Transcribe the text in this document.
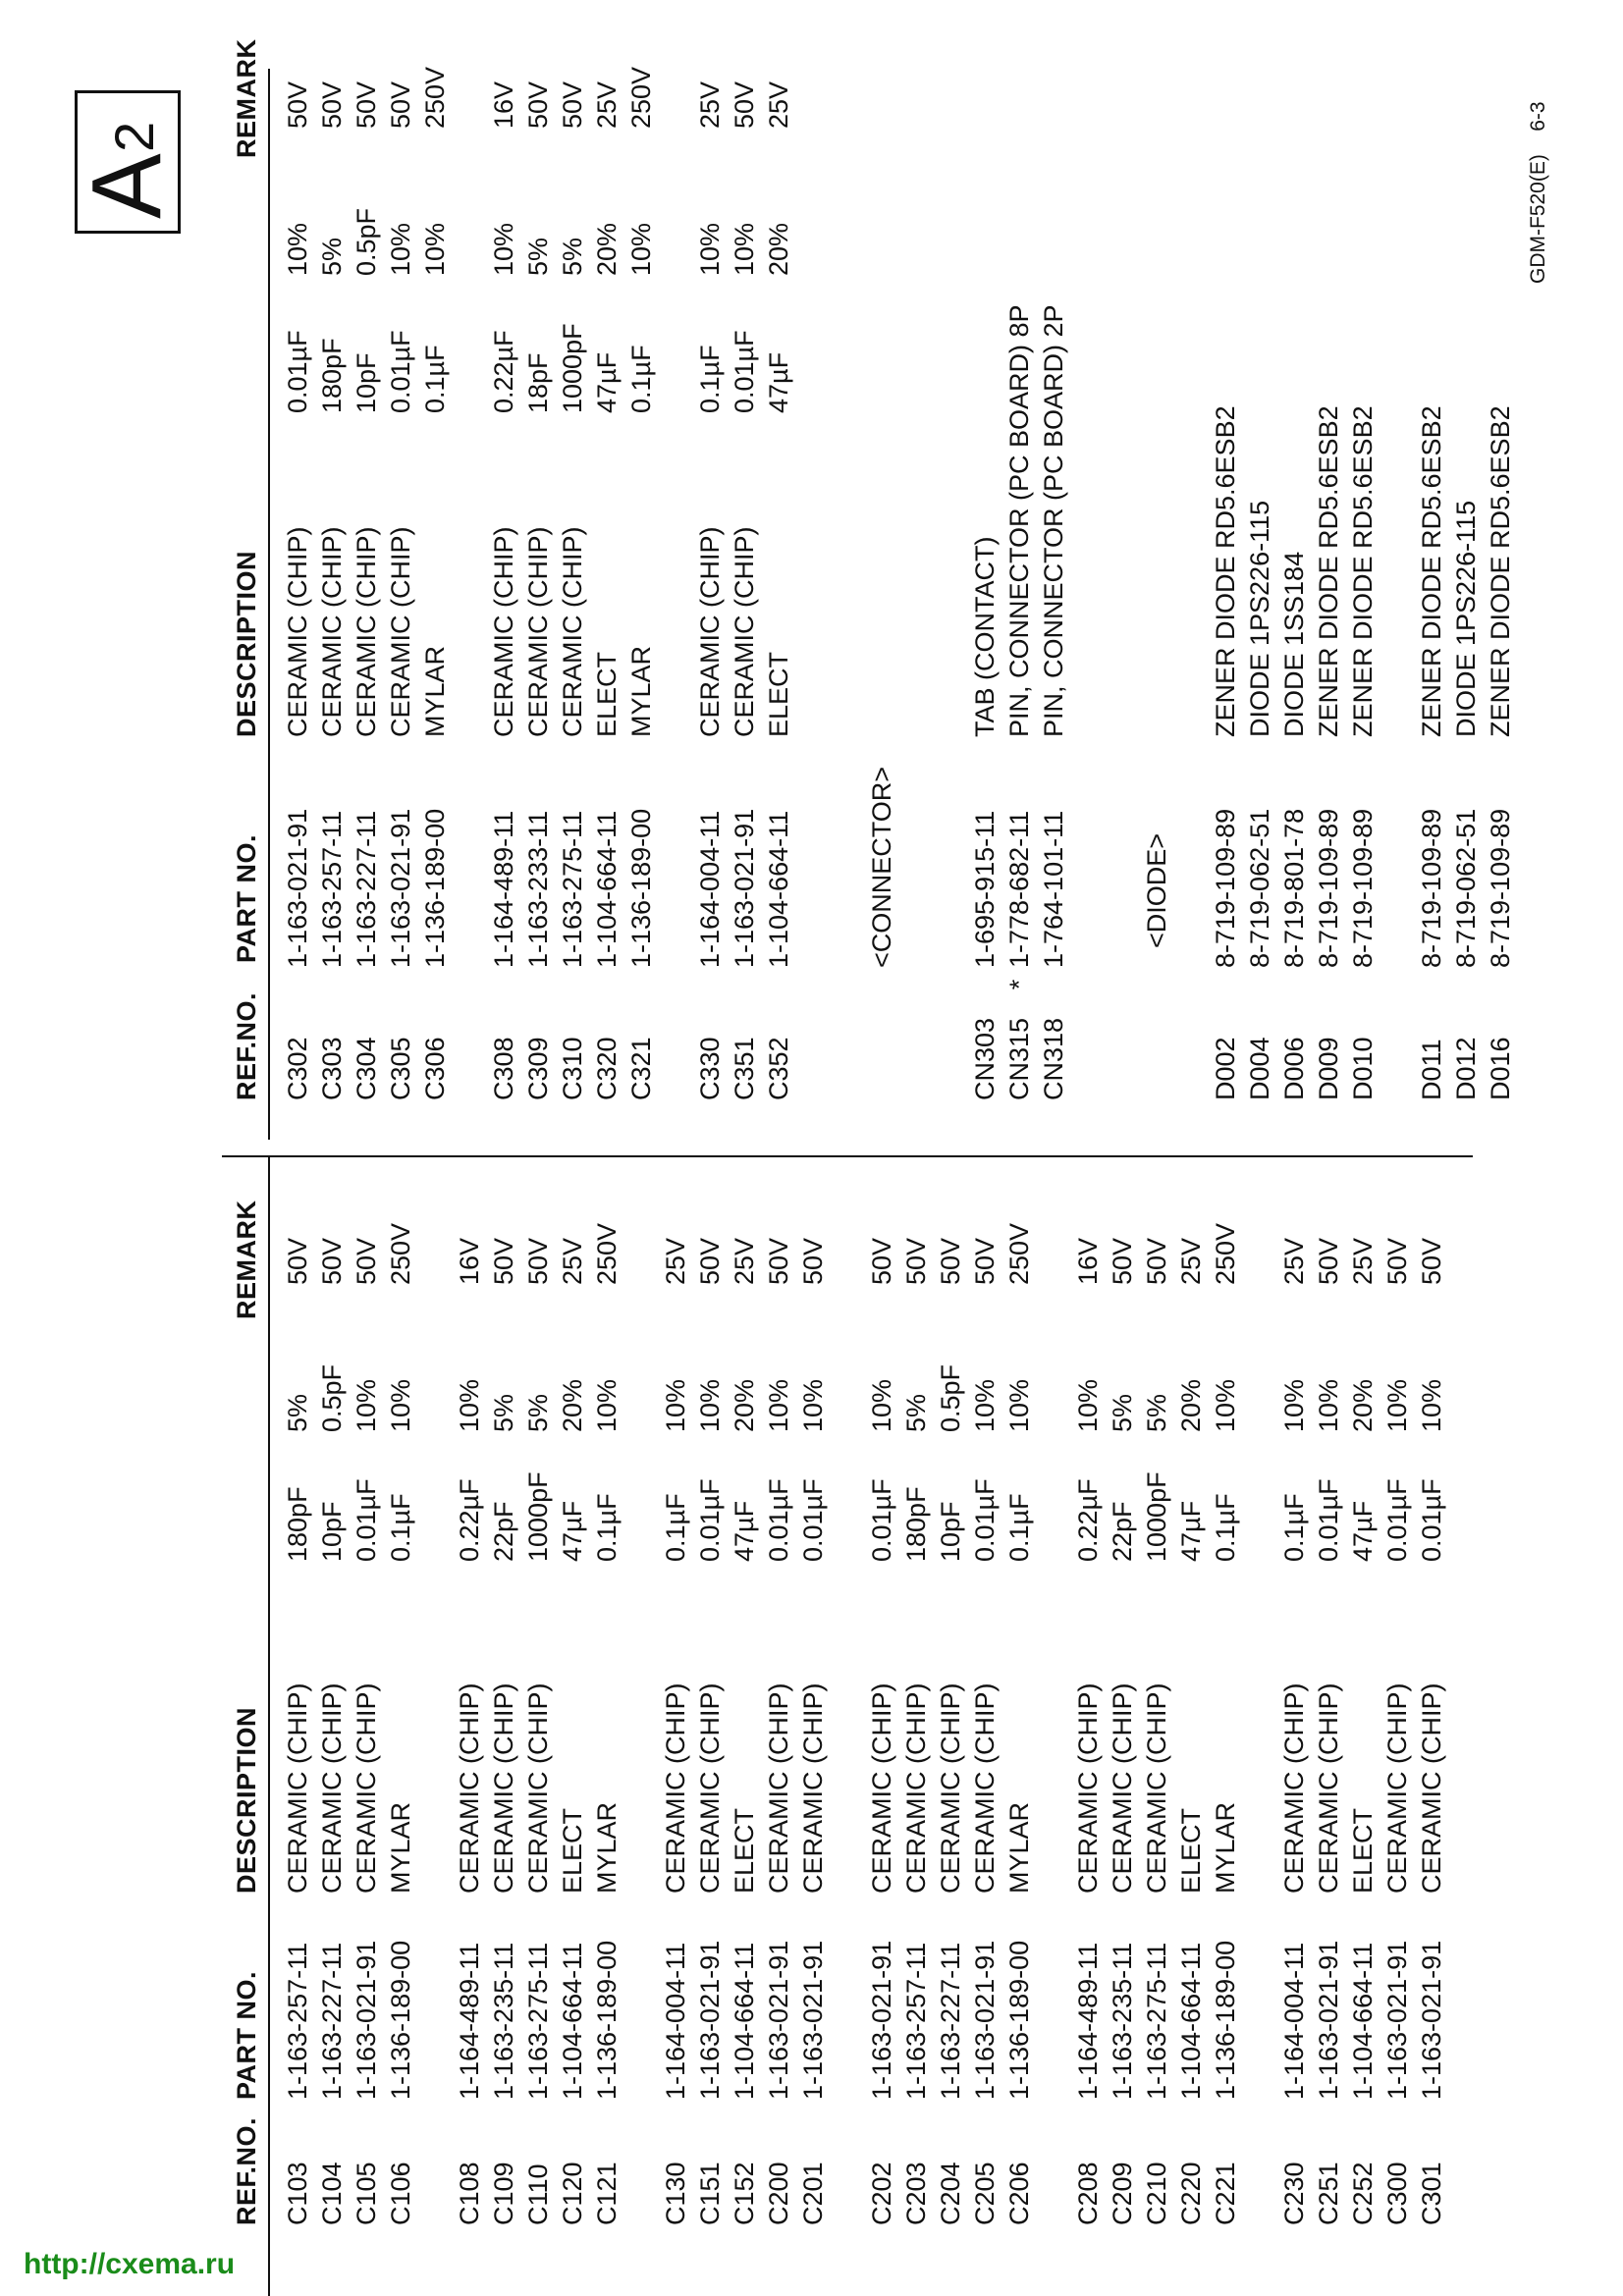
A
2
REF.NO.
PART NO.
DESCRIPTION
REMARK
C103
1-163-257-11
CERAMIC (CHIP)
180pF
5%
50V
C104
1-163-227-11
CERAMIC (CHIP)
10pF
0.5pF
50V
C105
1-163-021-91
CERAMIC (CHIP)
0.01µF
10%
50V
C106
1-136-189-00
MYLAR
0.1µF
10%
250V
C108
1-164-489-11
CERAMIC (CHIP)
0.22µF
10%
16V
C109
1-163-235-11
CERAMIC (CHIP)
22pF
5%
50V
C110
1-163-275-11
CERAMIC (CHIP)
1000pF
5%
50V
C120
1-104-664-11
ELECT
47µF
20%
25V
C121
1-136-189-00
MYLAR
0.1µF
10%
250V
C130
1-164-004-11
CERAMIC (CHIP)
0.1µF
10%
25V
C151
1-163-021-91
CERAMIC (CHIP)
0.01µF
10%
50V
C152
1-104-664-11
ELECT
47µF
20%
25V
C200
1-163-021-91
CERAMIC (CHIP)
0.01µF
10%
50V
C201
1-163-021-91
CERAMIC (CHIP)
0.01µF
10%
50V
C202
1-163-021-91
CERAMIC (CHIP)
0.01µF
10%
50V
C203
1-163-257-11
CERAMIC (CHIP)
180pF
5%
50V
C204
1-163-227-11
CERAMIC (CHIP)
10pF
0.5pF
50V
C205
1-163-021-91
CERAMIC (CHIP)
0.01µF
10%
50V
C206
1-136-189-00
MYLAR
0.1µF
10%
250V
C208
1-164-489-11
CERAMIC (CHIP)
0.22µF
10%
16V
C209
1-163-235-11
CERAMIC (CHIP)
22pF
5%
50V
C210
1-163-275-11
CERAMIC (CHIP)
1000pF
5%
50V
C220
1-104-664-11
ELECT
47µF
20%
25V
C221
1-136-189-00
MYLAR
0.1µF
10%
250V
C230
1-164-004-11
CERAMIC (CHIP)
0.1µF
10%
25V
C251
1-163-021-91
CERAMIC (CHIP)
0.01µF
10%
50V
C252
1-104-664-11
ELECT
47µF
20%
25V
C300
1-163-021-91
CERAMIC (CHIP)
0.01µF
10%
50V
C301
1-163-021-91
CERAMIC (CHIP)
0.01µF
10%
50V
REF.NO.
PART NO.
DESCRIPTION
REMARK
C302
1-163-021-91
CERAMIC (CHIP)
0.01µF
10%
50V
C303
1-163-257-11
CERAMIC (CHIP)
180pF
5%
50V
C304
1-163-227-11
CERAMIC (CHIP)
10pF
0.5pF
50V
C305
1-163-021-91
CERAMIC (CHIP)
0.01µF
10%
50V
C306
1-136-189-00
MYLAR
0.1µF
10%
250V
C308
1-164-489-11
CERAMIC (CHIP)
0.22µF
10%
16V
C309
1-163-233-11
CERAMIC (CHIP)
18pF
5%
50V
C310
1-163-275-11
CERAMIC (CHIP)
1000pF
5%
50V
C320
1-104-664-11
ELECT
47µF
20%
25V
C321
1-136-189-00
MYLAR
0.1µF
10%
250V
C330
1-164-004-11
CERAMIC (CHIP)
0.1µF
10%
25V
C351
1-163-021-91
CERAMIC (CHIP)
0.01µF
10%
50V
C352
1-104-664-11
ELECT
47µF
20%
25V
<CONNECTOR>
CN303
1-695-915-11
TAB (CONTACT)
CN315
*
1-778-682-11
PIN, CONNECTOR (PC BOARD) 8P
CN318
1-764-101-11
PIN, CONNECTOR (PC BOARD) 2P
<DIODE>
D002
8-719-109-89
ZENER DIODE RD5.6ESB2
D004
8-719-062-51
DIODE 1PS226-115
D006
8-719-801-78
DIODE 1SS184
D009
8-719-109-89
ZENER DIODE RD5.6ESB2
D010
8-719-109-89
ZENER DIODE RD5.6ESB2
D011
8-719-109-89
ZENER DIODE RD5.6ESB2
D012
8-719-062-51
DIODE 1PS226-115
D016
8-719-109-89
ZENER DIODE RD5.6ESB2
GDM-F520(E)    6-3
http://cxema.ru
